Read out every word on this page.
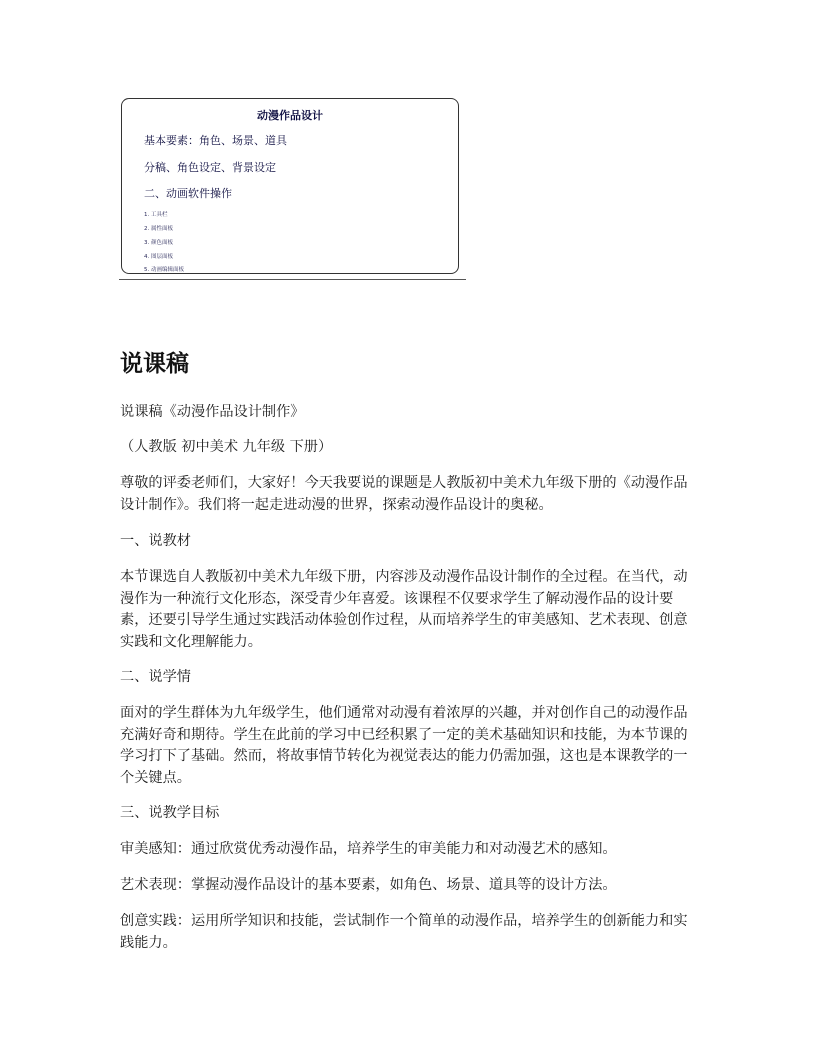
动漫作品设计
基本要素：角色、场景、道具
分稿、角色设定、背景设定
二、动画软件操作
1. 工具栏
2. 属性面板
3. 颜色面板
4. 图层面板
5. 动画编辑面板
说课稿

说课稿《动漫作品设计制作》

（人教版 初中美术 九年级 下册）

尊敬的评委老师们，大家好！今天我要说的课题是人教版初中美术九年级下册的《动漫作品设计制作》。我们将一起走进动漫的世界，探索动漫作品设计的奥秘。

一、说教材

本节课选自人教版初中美术九年级下册，内容涉及动漫作品设计制作的全过程。在当代，动漫作为一种流行文化形态，深受青少年喜爱。该课程不仅要求学生了解动漫作品的设计要素，还要引导学生通过实践活动体验创作过程，从而培养学生的审美感知、艺术表现、创意实践和文化理解能力。

二、说学情

面对的学生群体为九年级学生，他们通常对动漫有着浓厚的兴趣，并对创作自己的动漫作品充满好奇和期待。学生在此前的学习中已经积累了一定的美术基础知识和技能，为本节课的学习打下了基础。然而，将故事情节转化为视觉表达的能力仍需加强，这也是本课教学的一个关键点。

三、说教学目标

审美感知：通过欣赏优秀动漫作品，培养学生的审美能力和对动漫艺术的感知。

艺术表现：掌握动漫作品设计的基本要素，如角色、场景、道具等的设计方法。

创意实践：运用所学知识和技能，尝试制作一个简单的动漫作品，培养学生的创新能力和实践能力。
